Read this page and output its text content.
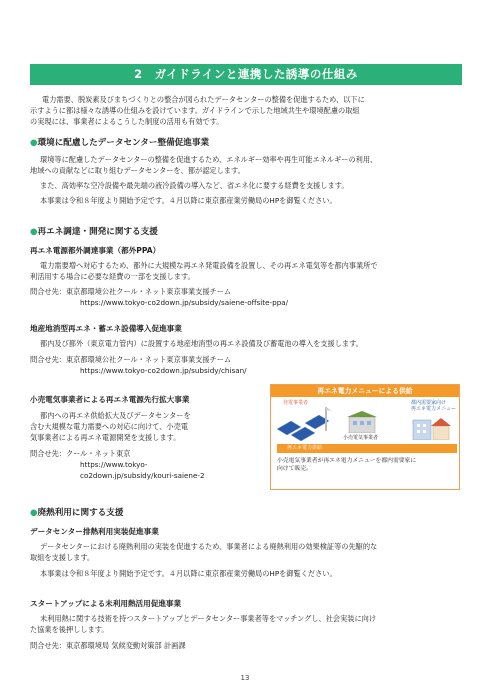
2　ガイドラインと連携した誘導の仕組み

電力需要、脱炭素及びまちづくりとの整合が図られたデータセンターの整備を促進するため、以下に

示すように都は様々な誘導の仕組みを設けています。ガイドラインで示した地域共生や環境配慮の取組

の実現には、事業者によるこうした制度の活用も有効です。

●環境に配慮したデータセンター整備促進事業

環境等に配慮したデータセンターの整備を促進するため、エネルギー効率や再生可能エネルギーの利用、

地域への貢献などに取り組むデータセンターを、都が認定します。

また、高効率な空冷設備や最先端の液冷設備の導入など、省エネ化に要する経費を支援します。

本事業は令和８年度より開始予定です。４月以降に東京都産業労働局のHPを御覧ください。

●再エネ調達・開発に関する支援

再エネ電源都外調達事業（都外PPA）

電力需要増へ対応するため、都外に大規模な再エネ発電設備を設置し、その再エネ電気等を都内事業所で

利活用する場合に必要な経費の一部を支援します。

問合せ先：東京都環境公社クール・ネット東京事業支援チーム

https://www.tokyo-co2down.jp/subsidy/saiene-offsite-ppa/

地産地消型再エネ・蓄エネ設備導入促進事業

都内及び都外（東京電力管内）に設置する地産地消型の再エネ設備及び蓄電池の導入を支援します。

問合せ先：東京都環境公社クール・ネット東京事業支援チーム

https://www.tokyo-co2down.jp/subsidy/chisan/

小売電気事業者による再エネ電源先行拡大事業

都内への再エネ供給拡大及びデータセンターを

含む大規模な電力需要への対応に向けて、小売電

気事業者による再エネ電源開発を支援します。

問合せ先：クール・ネット東京

https://www.tokyo-

co2down.jp/subsidy/kouri-saiene-2

再エネ電力メニューによる供給
発電事業者
小売電気事業者
都内需要家向け
再エネ電力メニュー
再エネ電力供給
小売電気事業者が再エネ電力メニューを都内需要家に
向けて販売。

●廃熱利用に関する支援

データセンター排熱利用実装促進事業

データセンターにおける廃熱利用の実装を促進するため、事業者による廃熱利用の効果検証等の先駆的な

取組を支援します。

本事業は令和８年度より開始予定です。４月以降に東京都産業労働局のHPを御覧ください。

スタートアップによる未利用熱活用促進事業

未利用熱に関する技術を持つスタートアップとデータセンター事業者等をマッチングし、社会実装に向け

た協業を後押しします。

問合せ先：東京都環境局 気候変動対策部 計画課

13
